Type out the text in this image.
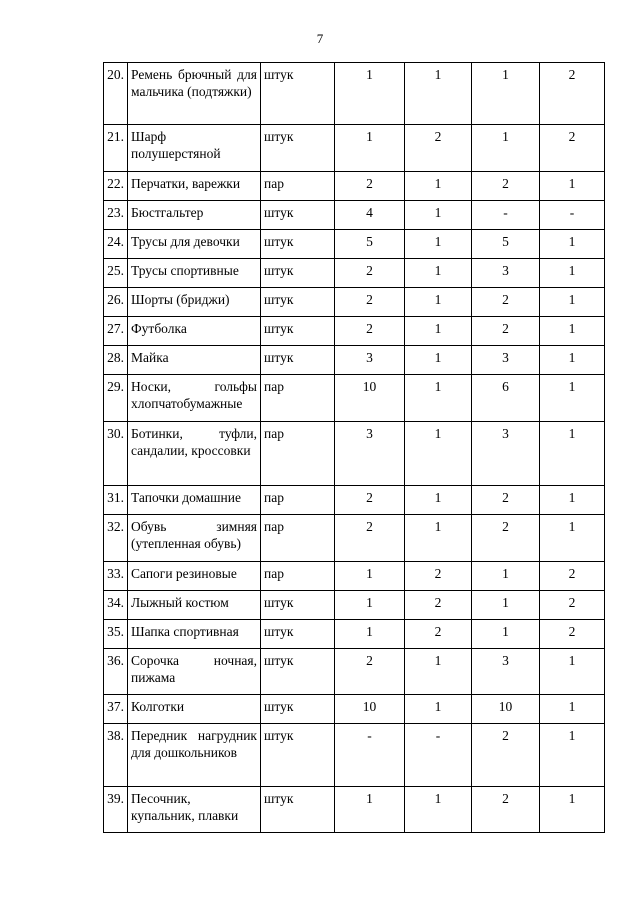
7
20.	Ремень брючный для мальчика (подтяжки)	штук	1	1	1	2
21.	Шарф полушерстяной	штук	1	2	1	2
22.	Перчатки, варежки	пар	2	1	2	1
23.	Бюстгальтер	штук	4	1	-	-
24.	Трусы для девочки	штук	5	1	5	1
25.	Трусы спортивные	штук	2	1	3	1
26.	Шорты (бриджи)	штук	2	1	2	1
27.	Футболка	штук	2	1	2	1
28.	Майка	штук	3	1	3	1
29.	Носки, гольфы хлопчатобумажные	пар	10	1	6	1
30.	Ботинки, туфли, сандалии, кроссовки	пар	3	1	3	1
31.	Тапочки домашние	пар	2	1	2	1
32.	Обувь зимняя (утепленная обувь)	пар	2	1	2	1
33.	Сапоги резиновые	пар	1	2	1	2
34.	Лыжный костюм	штук	1	2	1	2
35.	Шапка спортивная	штук	1	2	1	2
36.	Сорочка ночная, пижама	штук	2	1	3	1
37.	Колготки	штук	10	1	10	1
38.	Передник нагрудник для дошкольников	штук	-	-	2	1
39.	Песочник, купальник, плавки	штук	1	1	2	1
